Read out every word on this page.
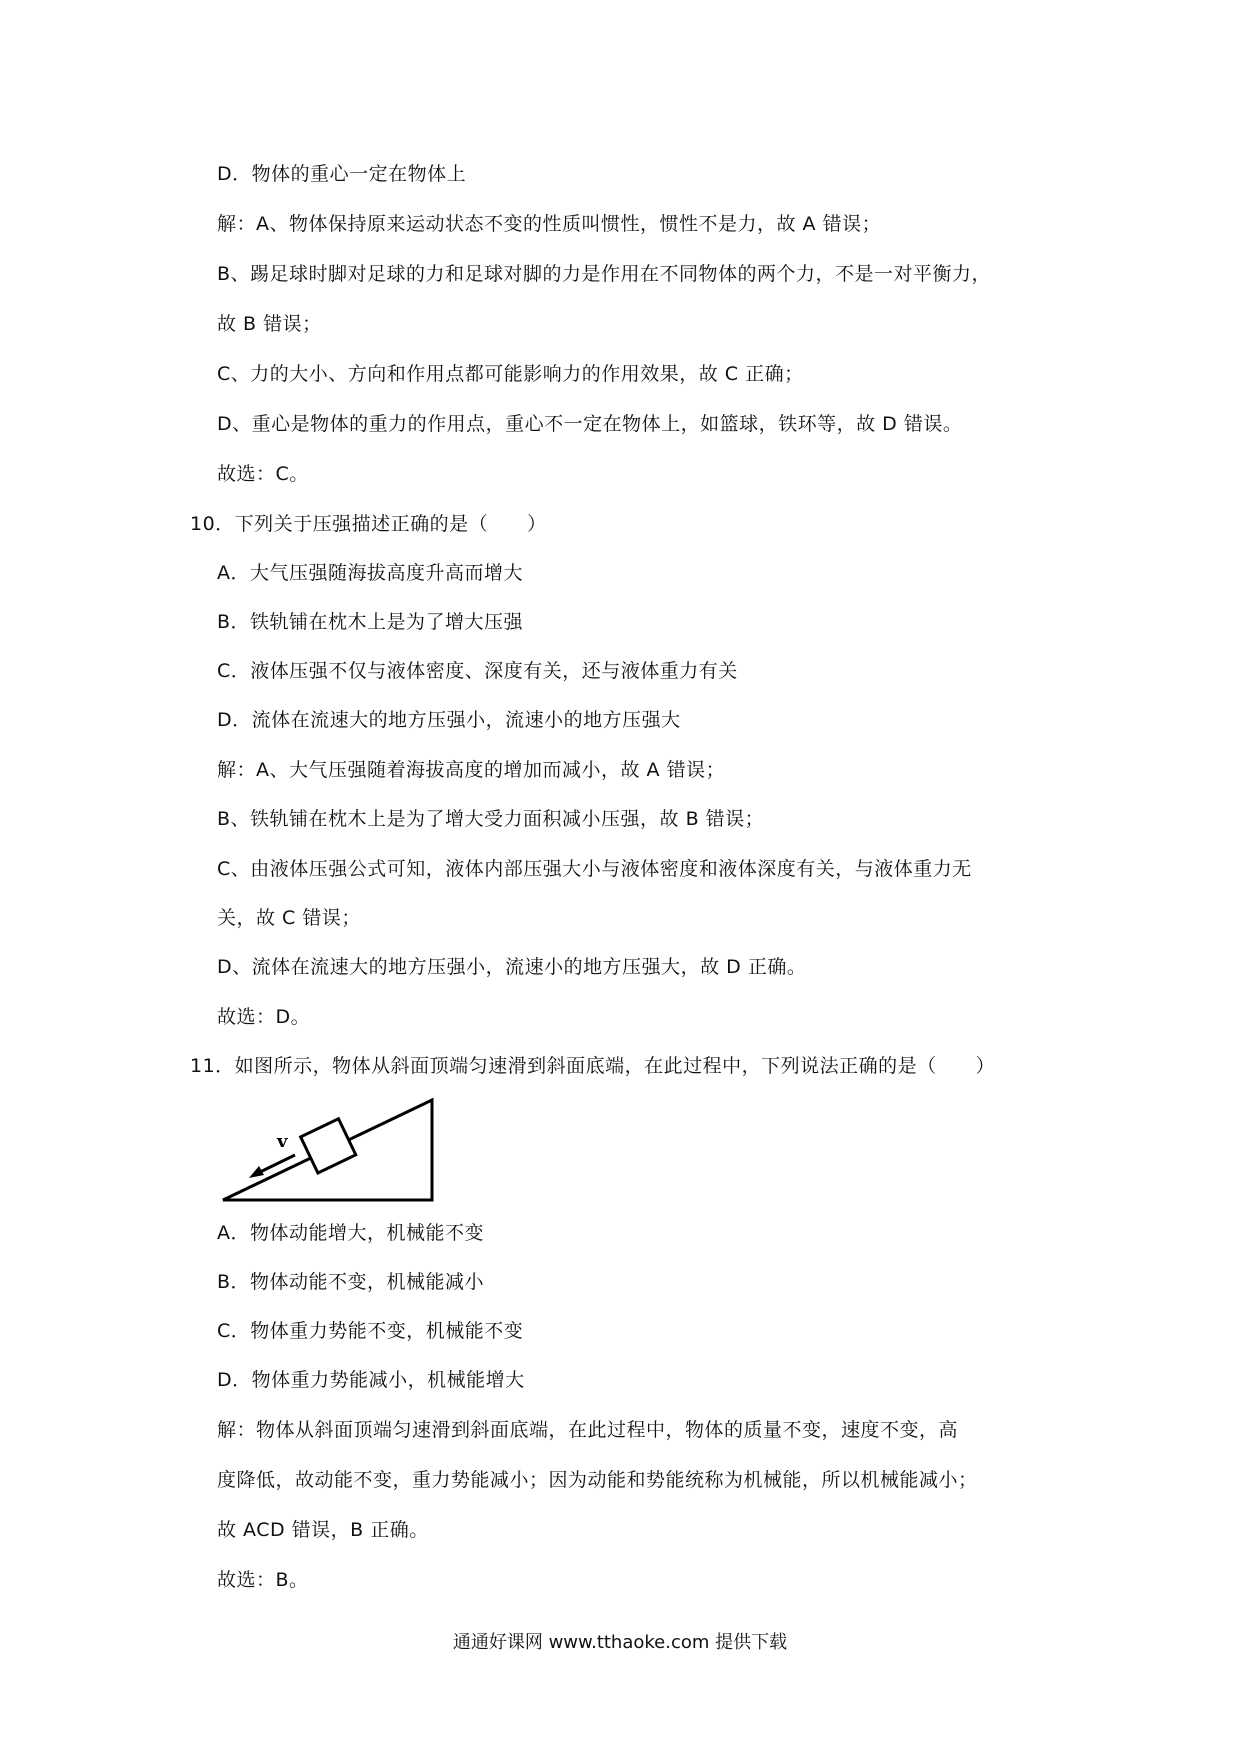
D．物体的重心一定在物体上
解：A、物体保持原来运动状态不变的性质叫惯性，惯性不是力，故 A 错误；
B、踢足球时脚对足球的力和足球对脚的力是作用在不同物体的两个力，不是一对平衡力，
故 B 错误；
C、力的大小、方向和作用点都可能影响力的作用效果，故 C 正确；
D、重心是物体的重力的作用点，重心不一定在物体上，如篮球，铁环等，故 D 错误。
故选：C。
10．下列关于压强描述正确的是（　　）
A．大气压强随海拔高度升高而增大
B．铁轨铺在枕木上是为了增大压强
C．液体压强不仅与液体密度、深度有关，还与液体重力有关
D．流体在流速大的地方压强小，流速小的地方压强大
解：A、大气压强随着海拔高度的增加而减小，故 A 错误；
B、铁轨铺在枕木上是为了增大受力面积减小压强，故 B 错误；
C、由液体压强公式可知，液体内部压强大小与液体密度和液体深度有关，与液体重力无
关，故 C 错误；
D、流体在流速大的地方压强小，流速小的地方压强大，故 D 正确。
故选：D。
11．如图所示，物体从斜面顶端匀速滑到斜面底端，在此过程中，下列说法正确的是（　　）
v
A．物体动能增大，机械能不变
B．物体动能不变，机械能减小
C．物体重力势能不变，机械能不变
D．物体重力势能减小，机械能增大
解：物体从斜面顶端匀速滑到斜面底端，在此过程中，物体的质量不变，速度不变，高
度降低，故动能不变，重力势能减小；因为动能和势能统称为机械能，所以机械能减小；
故 ACD 错误，B 正确。
故选：B。
通通好课网 www.tthaoke.com 提供下载
